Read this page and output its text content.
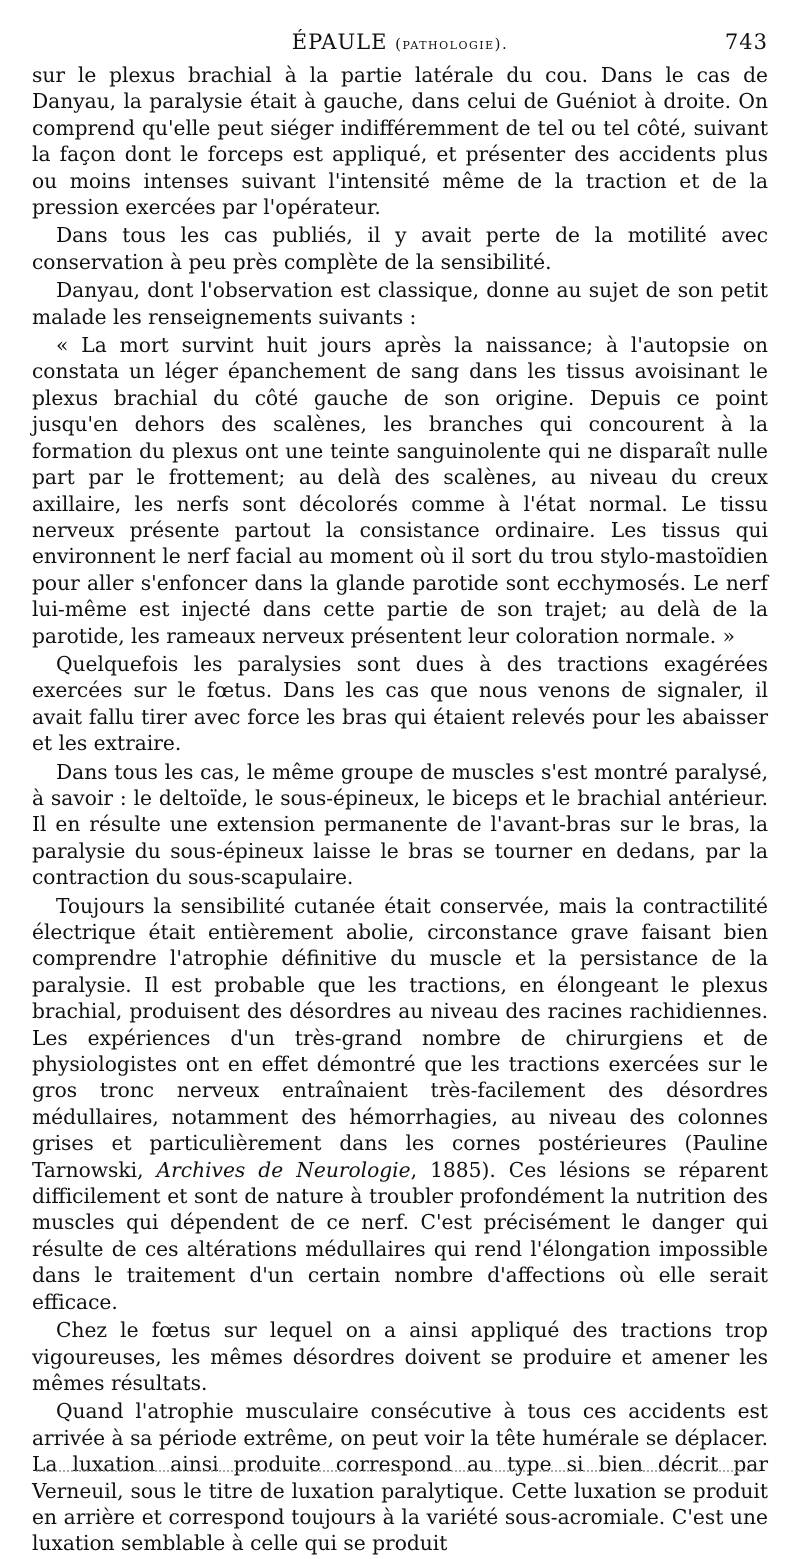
ÉPAULE (pathologie).	743

sur le plexus brachial à la partie latérale du cou. Dans le cas de Danyau, la paralysie était à gauche, dans celui de Guéniot à droite. On comprend qu'elle peut siéger indifféremment de tel ou tel côté, suivant la façon dont le forceps est appliqué, et présenter des accidents plus ou moins intenses suivant l'intensité même de la traction et de la pression exercées par l'opérateur.

Dans tous les cas publiés, il y avait perte de la motilité avec conservation à peu près complète de la sensibilité.

Danyau, dont l'observation est classique, donne au sujet de son petit malade les renseignements suivants :

« La mort survint huit jours après la naissance; à l'autopsie on constata un léger épanchement de sang dans les tissus avoisinant le plexus brachial du côté gauche de son origine. Depuis ce point jusqu'en dehors des scalènes, les branches qui concourent à la formation du plexus ont une teinte sanguinolente qui ne disparaît nulle part par le frottement; au delà des scalènes, au niveau du creux axillaire, les nerfs sont décolorés comme à l'état normal. Le tissu nerveux présente partout la consistance ordinaire. Les tissus qui environnent le nerf facial au moment où il sort du trou stylo-mastoïdien pour aller s'enfoncer dans la glande parotide sont ecchymosés. Le nerf lui-même est injecté dans cette partie de son trajet; au delà de la parotide, les rameaux nerveux présentent leur coloration normale. »

Quelquefois les paralysies sont dues à des tractions exagérées exercées sur le fœtus. Dans les cas que nous venons de signaler, il avait fallu tirer avec force les bras qui étaient relevés pour les abaisser et les extraire.

Dans tous les cas, le même groupe de muscles s'est montré paralysé, à savoir : le deltoïde, le sous-épineux, le biceps et le brachial antérieur. Il en résulte une extension permanente de l'avant-bras sur le bras, la paralysie du sous-épineux laisse le bras se tourner en dedans, par la contraction du sous-scapulaire.

Toujours la sensibilité cutanée était conservée, mais la contractilité électrique était entièrement abolie, circonstance grave faisant bien comprendre l'atrophie définitive du muscle et la persistance de la paralysie. Il est probable que les tractions, en élongeant le plexus brachial, produisent des désordres au niveau des racines rachidiennes. Les expériences d'un très-grand nombre de chirurgiens et de physiologistes ont en effet démontré que les tractions exercées sur le gros tronc nerveux entraînaient très-facilement des désordres médullaires, notamment des hémorrhagies, au niveau des colonnes grises et particulièrement dans les cornes postérieures (Pauline Tarnowski, Archives de Neurologie, 1885). Ces lésions se réparent difficilement et sont de nature à troubler profondément la nutrition des muscles qui dépendent de ce nerf. C'est précisément le danger qui résulte de ces altérations médullaires qui rend l'élongation impossible dans le traitement d'un certain nombre d'affections où elle serait efficace.

Chez le fœtus sur lequel on a ainsi appliqué des tractions trop vigoureuses, les mêmes désordres doivent se produire et amener les mêmes résultats.

Quand l'atrophie musculaire consécutive à tous ces accidents est arrivée à sa période extrême, on peut voir la tête humérale se déplacer. La luxation ainsi produite correspond au type si bien décrit par Verneuil, sous le titre de luxation paralytique. Cette luxation se produit en arrière et correspond toujours à la variété sous-acromiale. C'est une luxation semblable à celle qui se produit
